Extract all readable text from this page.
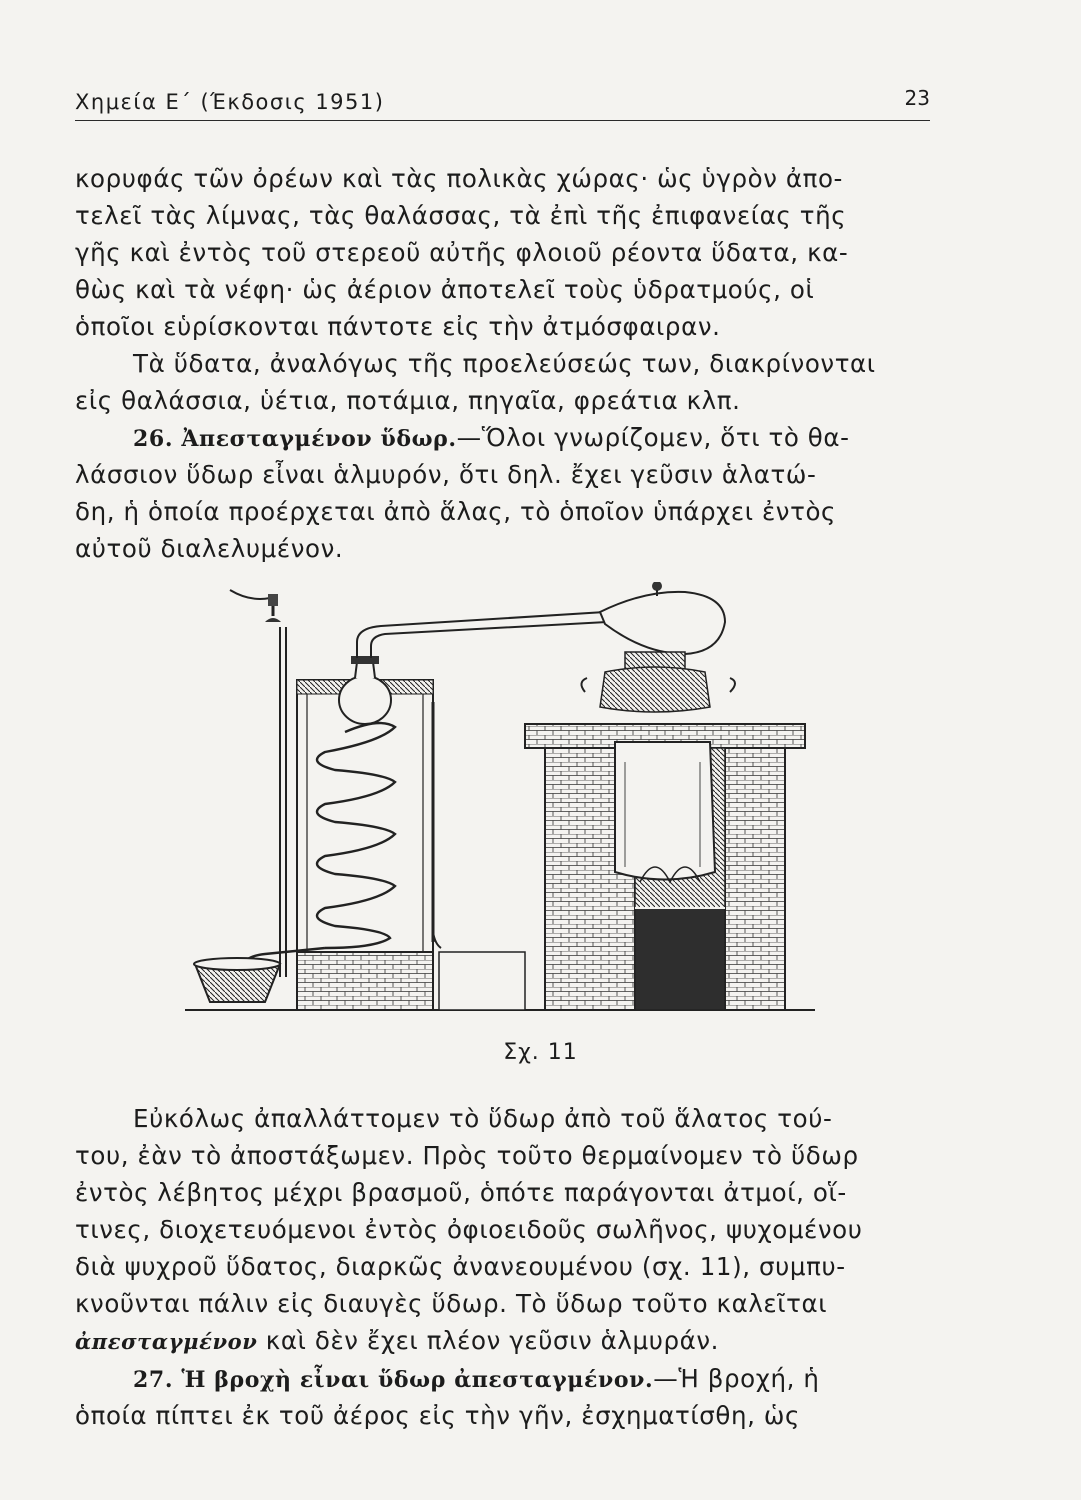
Χημεία Ε΄ (Έκδοσις 1951)	23
κορυφάς τῶν ὀρέων καὶ τὰς πολικὰς χώρας· ὡς ὑγρὸν ἀπο-
τελεῖ τὰς λίμνας, τὰς θαλάσσας, τὰ ἐπὶ τῆς ἐπιφανείας τῆς
γῆς καὶ ἐντὸς τοῦ στερεοῦ αὐτῆς φλοιοῦ ρέοντα ὕδατα, κα-
θὼς καὶ τὰ νέφη· ὡς ἀέριον ἀποτελεῖ τοὺς ὑδρατμούς, οἱ
ὁποῖοι εὑρίσκονται πάντοτε εἰς τὴν ἀτμόσφαιραν.
Τὰ ὕδατα, ἀναλόγως τῆς προελεύσεώς των, διακρίνονται
εἰς θαλάσσια, ὑέτια, ποτάμια, πηγαῖα, φρεάτια κλπ.
26. Ἀπεσταγμένον ὕδωρ.—Ὅλοι γνωρίζομεν, ὅτι τὸ θα-
λάσσιον ὕδωρ εἶναι ἁλμυρόν, ὅτι δηλ. ἔχει γεῦσιν ἁλατώ-
δη, ἡ ὁποία προέρχεται ἀπὸ ἅλας, τὸ ὁποῖον ὑπάρχει ἐντὸς
αὐτοῦ διαλελυμένον.
Σχ. 11
Εὐκόλως ἀπαλλάττομεν τὸ ὕδωρ ἀπὸ τοῦ ἅλατος τού-
του, ἐὰν τὸ ἀποστάξωμεν. Πρὸς τοῦτο θερμαίνομεν τὸ ὕδωρ
ἐντὸς λέβητος μέχρι βρασμοῦ, ὁπότε παράγονται ἀτμοί, οἵ-
τινες, διοχετευόμενοι ἐντὸς ὀφιοειδοῦς σωλῆνος, ψυχομένου
διὰ ψυχροῦ ὕδατος, διαρκῶς ἀνανεουμένου (σχ. 11), συμπυ-
κνοῦνται πάλιν εἰς διαυγὲς ὕδωρ. Τὸ ὕδωρ τοῦτο καλεῖται
ἀπεσταγμένον καὶ δὲν ἔχει πλέον γεῦσιν ἁλμυράν.
27. Ἡ βροχὴ εἶναι ὕδωρ ἀπεσταγμένον.—Ἡ βροχή, ἡ
ὁποία πίπτει ἐκ τοῦ ἀέρος εἰς τὴν γῆν, ἐσχηματίσθη, ὡς
